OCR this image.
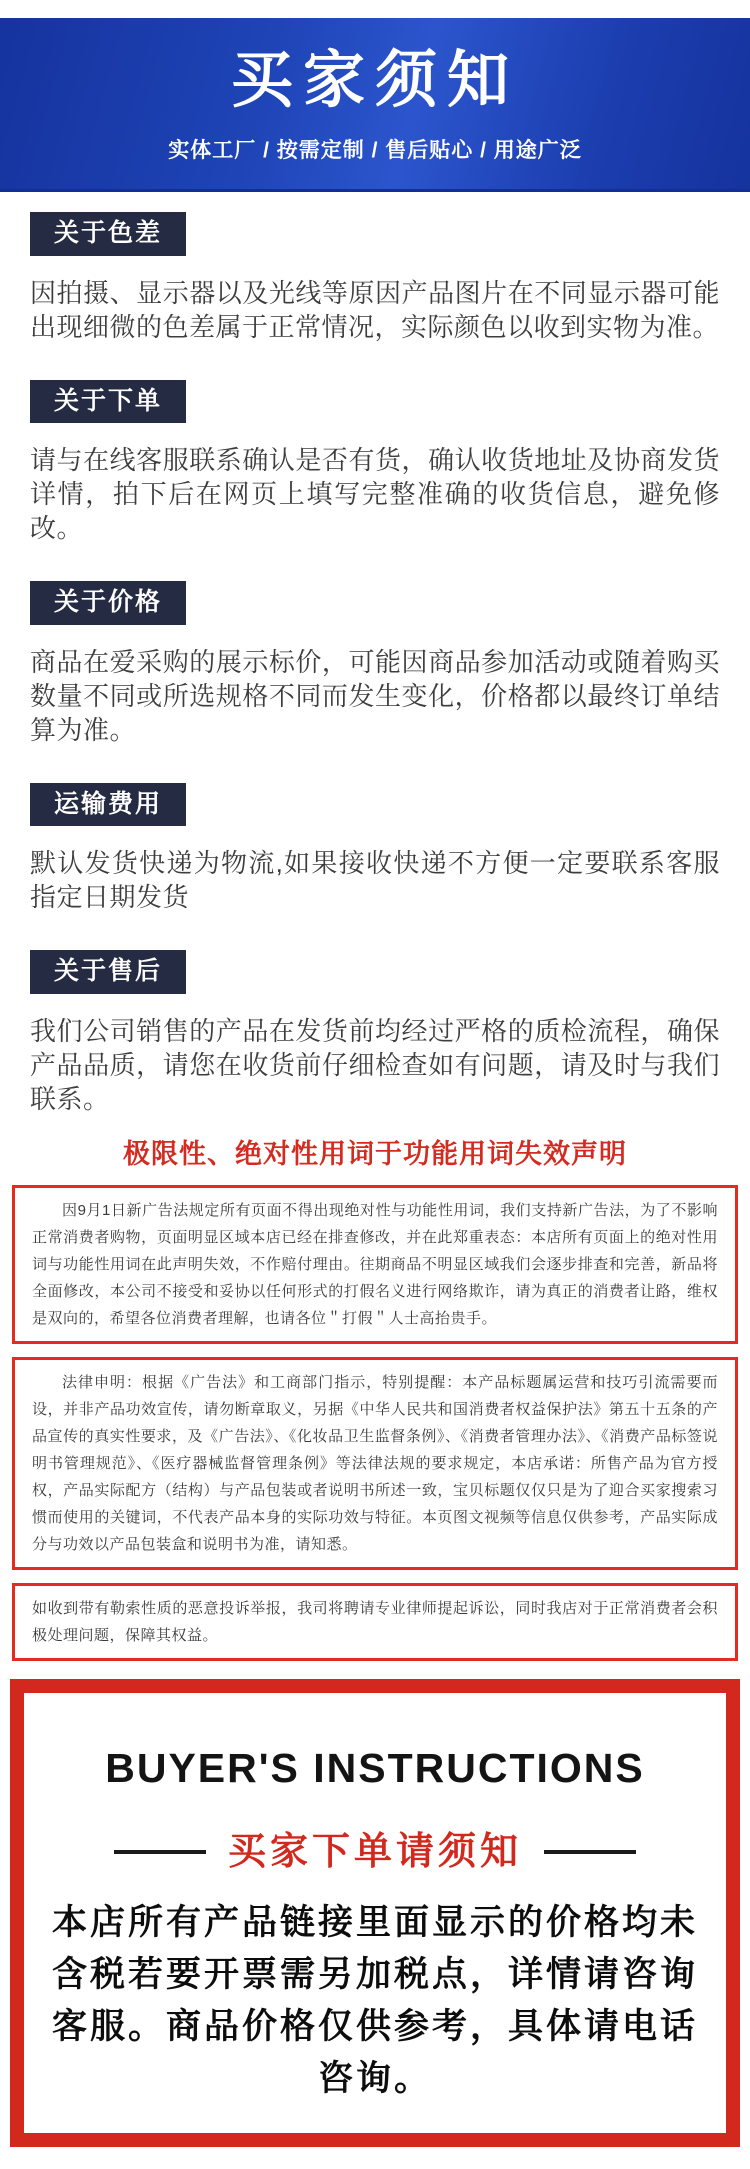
买家须知
实体工厂 / 按需定制 / 售后贴心 / 用途广泛
关于色差
因拍摄、显示器以及光线等原因产品图片在不同显示器可能出现细微的色差属于正常情况，实际颜色以收到实物为准。
关于下单
请与在线客服联系确认是否有货，确认收货地址及协商发货详情，拍下后在网页上填写完整准确的收货信息，避免修改。
关于价格
商品在爱采购的展示标价，可能因商品参加活动或随着购买数量不同或所选规格不同而发生变化，价格都以最终订单结算为准。
运输费用
默认发货快递为物流,如果接收快递不方便一定要联系客服指定日期发货
关于售后
我们公司销售的产品在发货前均经过严格的质检流程，确保产品品质，请您在收货前仔细检查如有问题，请及时与我们联系。
极限性、绝对性用词于功能用词失效声明
因9月1日新广告法规定所有页面不得出现绝对性与功能性用词，我们支持新广告法，为了不影响正常消费者购物，页面明显区域本店已经在排查修改，并在此郑重表态：本店所有页面上的绝对性用词与功能性用词在此声明失效，不作赔付理由。往期商品不明显区域我们会逐步排查和完善，新品将全面修改，本公司不接受和妥协以任何形式的打假名义进行网络欺诈，请为真正的消费者让路，维权是双向的，希望各位消费者理解，也请各位＂打假＂人士高抬贵手。
法律申明：根据《广告法》和工商部门指示，特别提醒：本产品标题属运营和技巧引流需要而设，并非产品功效宣传，请勿断章取义，另据《中华人民共和国消费者权益保护法》第五十五条的产品宣传的真实性要求，及《广告法》、《化妆品卫生监督条例》、《消费者管理办法》、《消费产品标签说明书管理规范》、《医疗器械监督管理条例》等法律法规的要求规定，本店承诺：所售产品为官方授权，产品实际配方（结构）与产品包装或者说明书所述一致，宝贝标题仅仅只是为了迎合买家搜索习惯而使用的关键词，不代表产品本身的实际功效与特征。本页图文视频等信息仅供参考，产品实际成分与功效以产品包装盒和说明书为准，请知悉。
如收到带有勒索性质的恶意投诉举报，我司将聘请专业律师提起诉讼，同时我店对于正常消费者会积极处理问题，保障其权益。
BUYER'S INSTRUCTIONS
买家下单请须知
本店所有产品链接里面显示的价格均未含税若要开票需另加税点，详情请咨询客服。商品价格仅供参考，具体请电话咨询。
